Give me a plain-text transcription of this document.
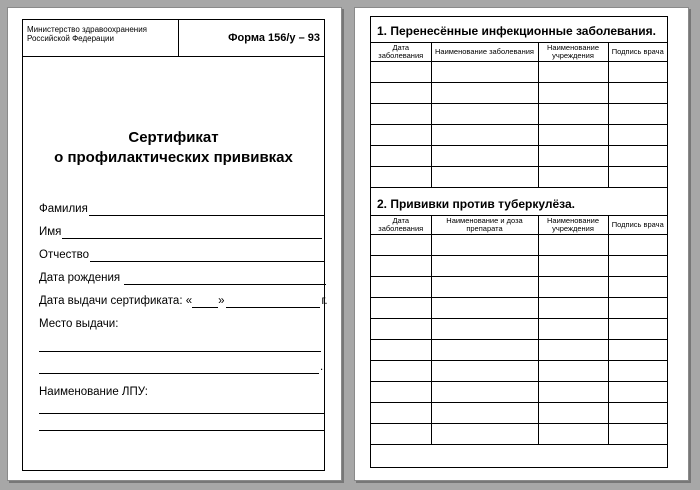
Министерство здравоохранения
Российской Федерации	Форма 156/у – 93
Сертификат
о профилактических прививках
Фамилия
Имя
Отчество
Дата рождения
Дата выдачи сертификата: « »	г.
Место выдачи:
.
Наименование ЛПУ:
1. Перенесённые инфекционные заболевания.
Дата заболевания	Наименование заболевания	Наименование учреждения	Подпись врача

2. Прививки против туберкулёза.
Дата заболевания	Наименование и доза препарата	Наименование учреждения	Подпись врача
